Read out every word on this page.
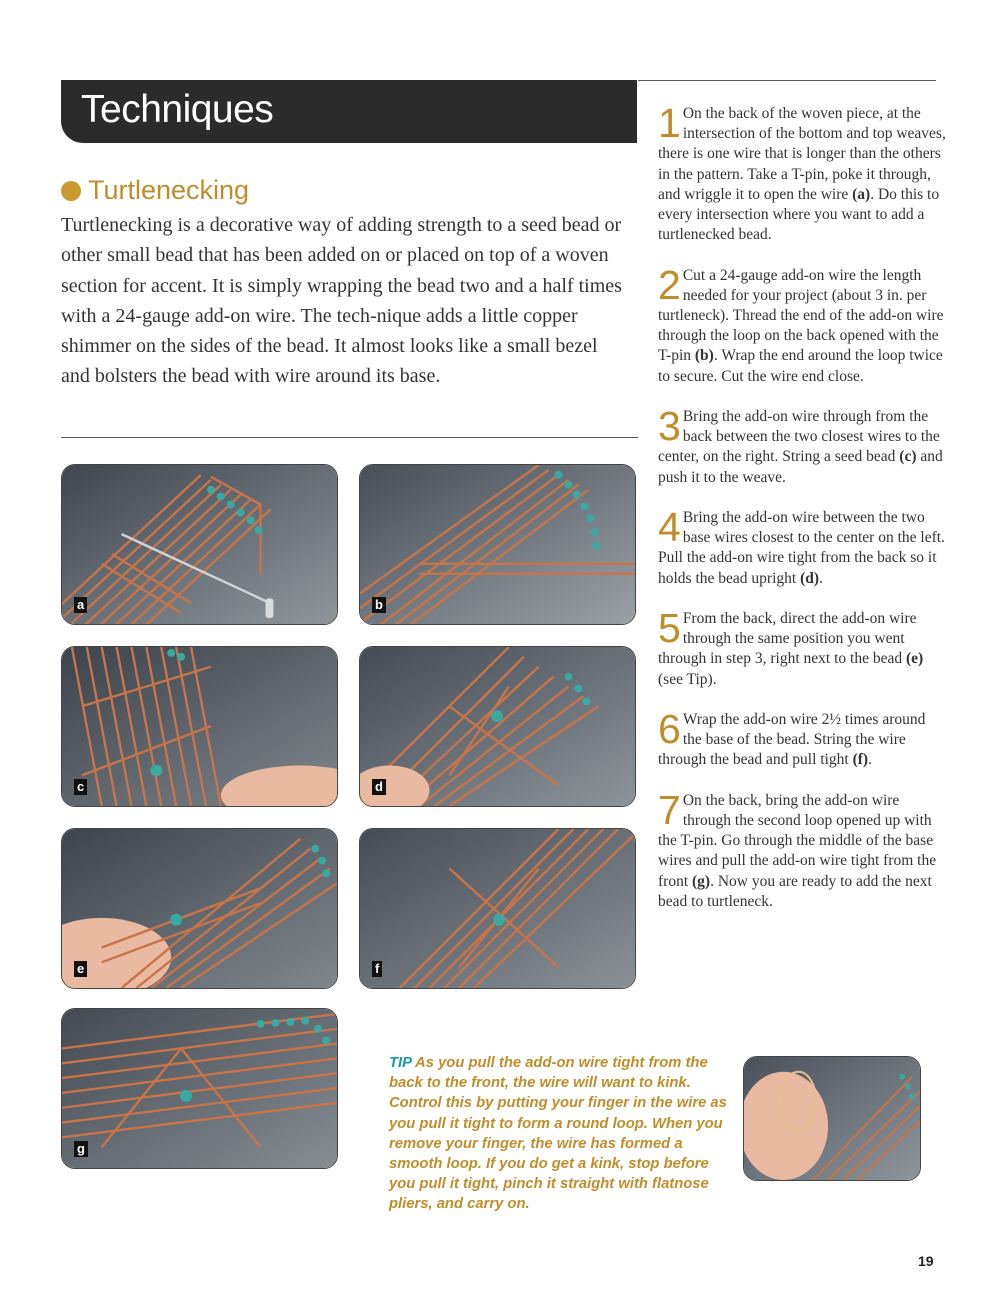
Techniques
Turtlenecking
Turtlenecking is a decorative way of adding strength to a seed bead or other small bead that has been added on or placed on top of a woven section for accent. It is simply wrapping the bead two and a half times with a 24-gauge add-on wire. The tech-nique adds a little copper shimmer on the sides of the bead. It almost looks like a small bezel and bolsters the bead with wire around its base.
1 On the back of the woven piece, at the intersection of the bottom and top weaves, there is one wire that is longer than the others in the pattern. Take a T-pin, poke it through, and wriggle it to open the wire (a). Do this to every intersection where you want to add a turtlenecked bead.
2 Cut a 24-gauge add-on wire the length needed for your project (about 3 in. per turtleneck). Thread the end of the add-on wire through the loop on the back opened with the T-pin (b). Wrap the end around the loop twice to secure. Cut the wire end close.
3 Bring the add-on wire through from the back between the two closest wires to the center, on the right. String a seed bead (c) and push it to the weave.
4 Bring the add-on wire between the two base wires closest to the center on the left. Pull the add-on wire tight from the back so it holds the bead upright (d).
5 From the back, direct the add-on wire through the same position you went through in step 3, right next to the bead (e) (see Tip).
6 Wrap the add-on wire 2½ times around the base of the bead. String the wire through the bead and pull tight (f).
7 On the back, bring the add-on wire through the second loop opened up with the T-pin. Go through the middle of the base wires and pull the add-on wire tight from the front (g). Now you are ready to add the next bead to turtleneck.
a	b
c	d
e	f
g
TIP As you pull the add-on wire tight from the back to the front, the wire will want to kink. Control this by putting your finger in the wire as you pull it tight to form a round loop. When you remove your finger, the wire has formed a smooth loop. If you do get a kink, stop before you pull it tight, pinch it straight with flatnose pliers, and carry on.
19
